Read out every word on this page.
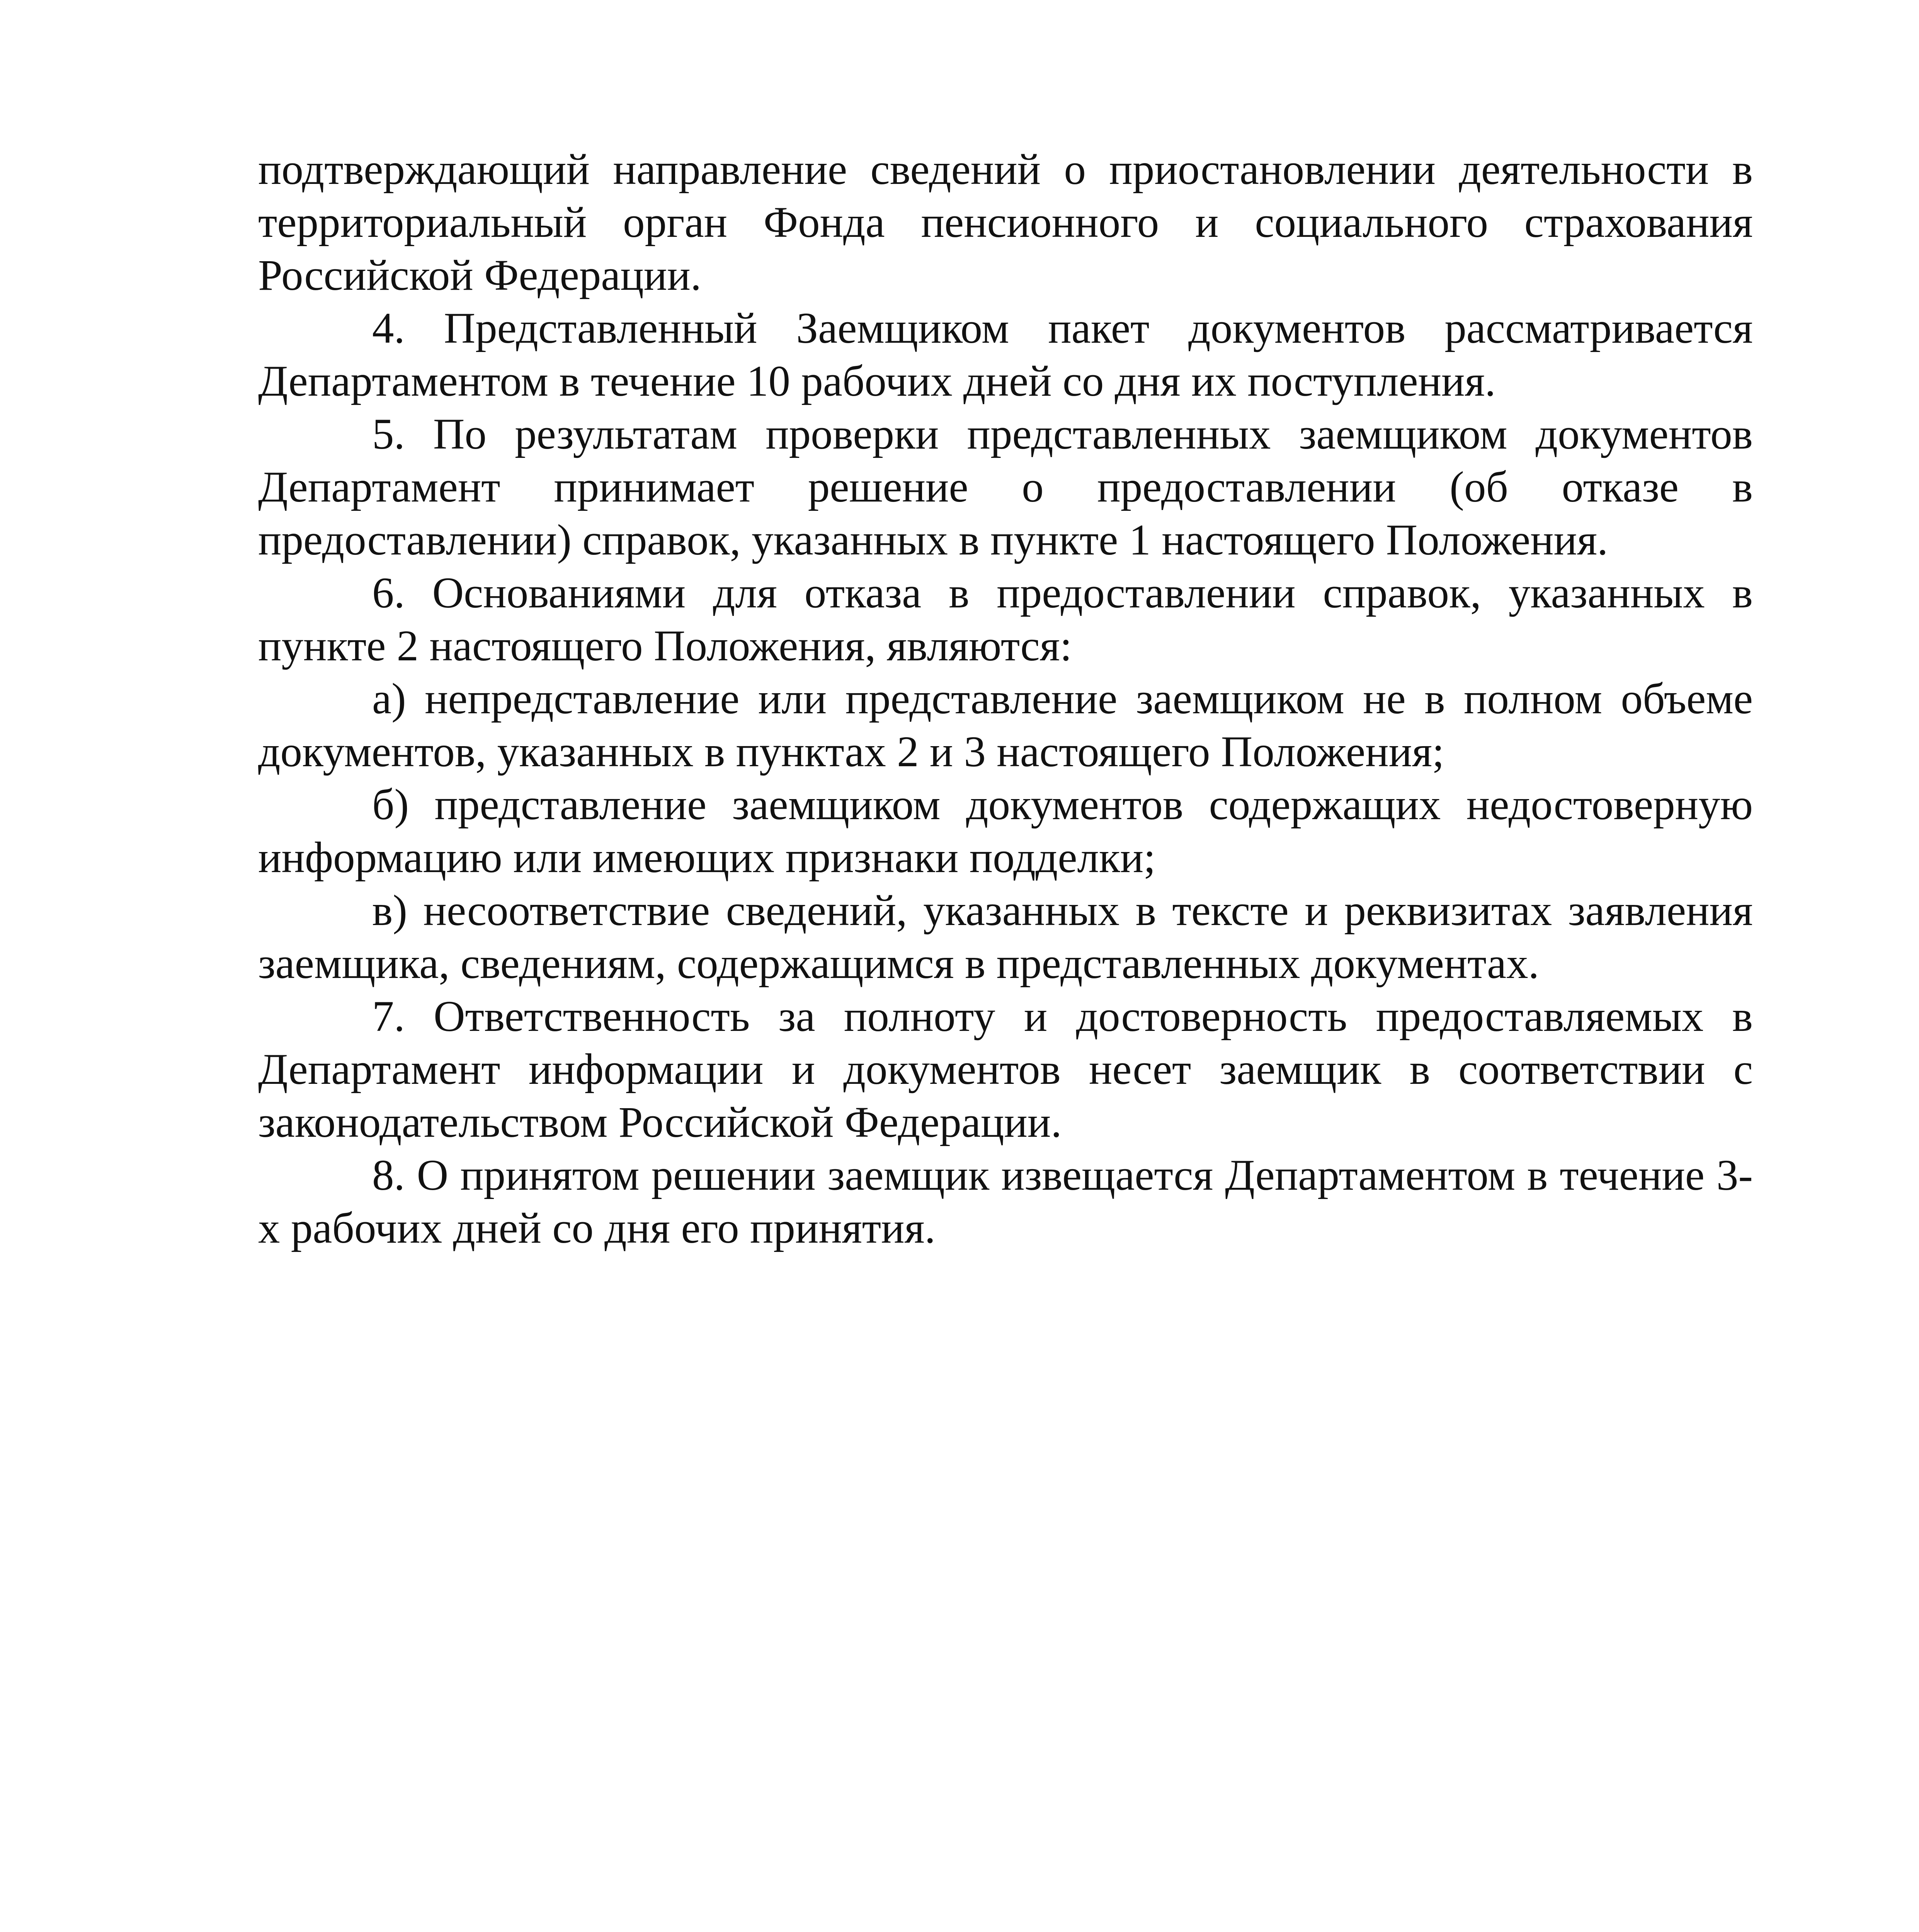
подтверждающий направление сведений о приостановлении деятельности в территориальный орган Фонда пенсионного и социального страхования Российской Федерации.

4. Представленный Заемщиком пакет документов рассматривается Департаментом в течение 10 рабочих дней со дня их поступления.

5. По результатам проверки представленных заемщиком документов Департамент принимает решение о предоставлении (об отказе в предоставлении) справок, указанных в пункте 1 настоящего Положения.

6. Основаниями для отказа в предоставлении справок, указанных в пункте 2 настоящего Положения, являются:

а) непредставление или представление заемщиком не в полном объеме документов, указанных в пунктах 2 и 3 настоящего Положения;

б) представление заемщиком документов содержащих недостоверную информацию или имеющих признаки подделки;

в) несоответствие сведений, указанных в тексте и реквизитах заявления заемщика, сведениям, содержащимся в представленных документах.

7. Ответственность за полноту и достоверность предоставляемых в Департамент информации и документов несет заемщик в соответствии с законодательством Российской Федерации.

8. О принятом решении заемщик извещается Департаментом в течение 3-х рабочих дней со дня его принятия.
